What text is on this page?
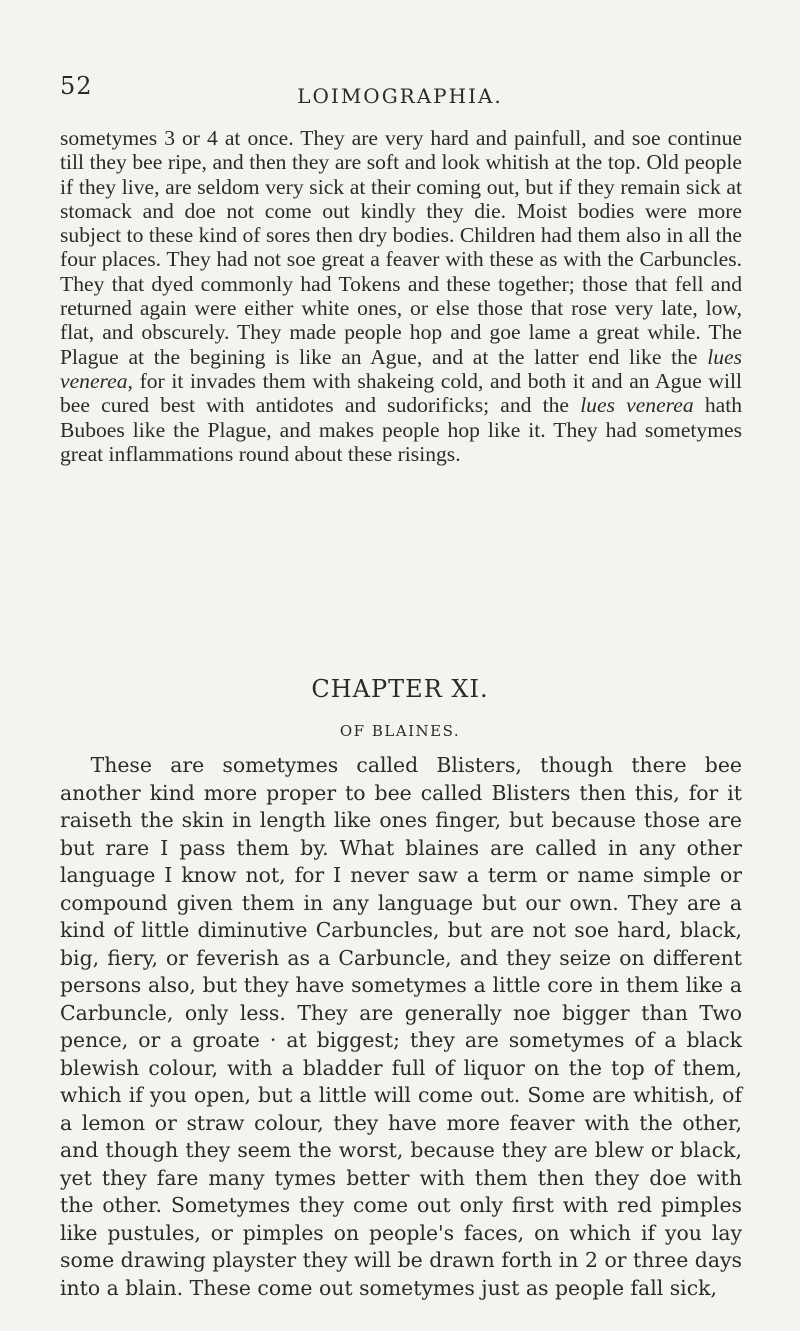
52	LOIMOGRAPHIA.

sometymes 3 or 4 at once. They are very hard and painfull, and soe continue till they bee ripe, and then they are soft and look whitish at the top. Old people if they live, are seldom very sick at their coming out, but if they remain sick at stomack and doe not come out kindly they die. Moist bodies were more subject to these kind of sores then dry bodies. Children had them also in all the four places. They had not soe great a feaver with these as with the Carbuncles. They that dyed commonly had Tokens and these together; those that fell and returned again were either white ones, or else those that rose very late, low, flat, and obscurely. They made people hop and goe lame a great while. The Plague at the begining is like an Ague, and at the latter end like the lues venerea, for it invades them with shakeing cold, and both it and an Ague will bee cured best with antidotes and sudorificks; and the lues venerea hath Buboes like the Plague, and makes people hop like it. They had sometymes great inflammations round about these risings.

CHAPTER XI.
OF BLAINES.

These are sometymes called Blisters, though there bee another kind more proper to bee called Blisters then this, for it raiseth the skin in length like ones finger, but because those are but rare I pass them by. What blaines are called in any other language I know not, for I never saw a term or name simple or compound given them in any language but our own. They are a kind of little diminutive Carbuncles, but are not soe hard, black, big, fiery, or feverish as a Carbuncle, and they seize on different persons also, but they have sometymes a little core in them like a Carbuncle, only less. They are generally noe bigger than Two pence, or a groate · at biggest; they are sometymes of a black blewish colour, with a bladder full of liquor on the top of them, which if you open, but a little will come out. Some are whitish, of a lemon or straw colour, they have more feaver with the other, and though they seem the worst, because they are blew or black, yet they fare many tymes better with them then they doe with the other. Sometymes they come out only first with red pimples like pustules, or pimples on people's faces, on which if you lay some drawing playster they will be drawn forth in 2 or three days into a blain. These come out sometymes just as people fall sick,
